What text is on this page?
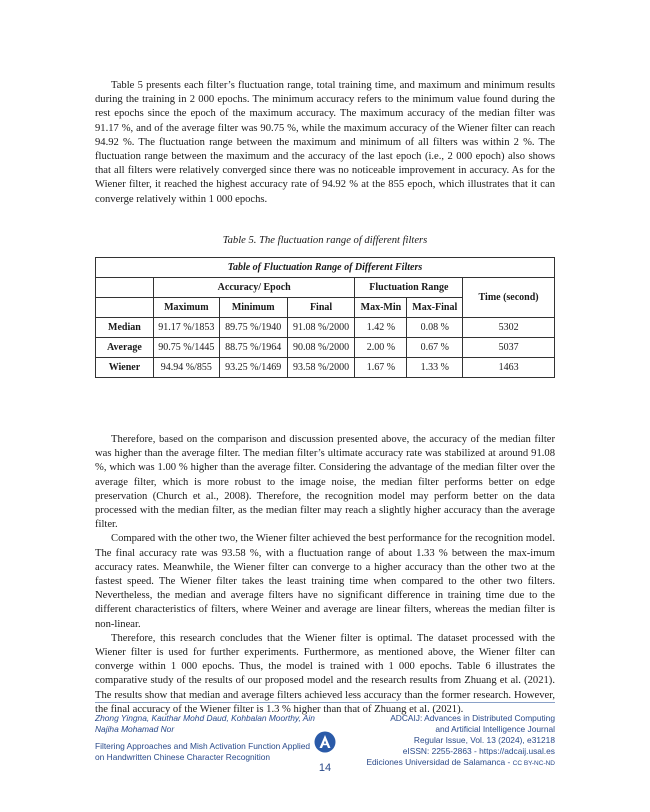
Table 5 presents each filter’s fluctuation range, total training time, and maximum and minimum results during the training in 2 000 epochs. The minimum accuracy refers to the minimum value found during the rest epochs since the epoch of the maximum accuracy. The maximum accuracy of the median filter was 91.17 %, and of the average filter was 90.75 %, while the maximum accuracy of the Wiener filter can reach 94.92 %. The fluctuation range between the maximum and minimum of all filters was within 2 %. The fluctuation range between the maximum and the accuracy of the last epoch (i.e., 2 000 epoch) also shows that all filters were relatively converged since there was no noticeable improvement in accuracy. As for the Wiener filter, it reached the highest accuracy rate of 94.92 % at the 855 epoch, which illustrates that it can converge relatively within 1 000 epochs.

Table 5. The fluctuation range of different filters
Table of Fluctuation Range of Different Filters						
	Accuracy/ Epoch			Fluctuation Range		Time (second)
	Maximum	Minimum	Final	Max-Min	Max-Final	
Median	91.17 %/1853	89.75 %/1940	91.08 %/2000	1.42 %	0.08 %	5302
Average	90.75 %/1445	88.75 %/1964	90.08 %/2000	2.00 %	0.67 %	5037
Wiener	94.94 %/855	93.25 %/1469	93.58 %/2000	1.67 %	1.33 %	1463

Therefore, based on the comparison and discussion presented above, the accuracy of the median filter was higher than the average filter. The median filter’s ultimate accuracy rate was stabilized at around 91.08 %, which was 1.00 % higher than the average filter. Considering the advantage of the median filter over the average filter, which is more robust to the image noise, the median filter performs better on edge preservation (Church et al., 2008). Therefore, the recognition model may perform better on the data processed with the median filter, as the median filter may reach a slightly higher accuracy than the average filter.

Compared with the other two, the Wiener filter achieved the best performance for the recognition model. The final accuracy rate was 93.58 %, with a fluctuation range of about 1.33 % between the max-imum accuracy rates. Meanwhile, the Wiener filter can converge to a higher accuracy than the other two at the fastest speed. The Wiener filter takes the least training time when compared to the other two filters. Nevertheless, the median and average filters have no significant difference in training time due to the different characteristics of filters, where Weiner and average are linear filters, whereas the median filter is non-linear.

Therefore, this research concludes that the Wiener filter is optimal. The dataset processed with the Wiener filter is used for further experiments. Furthermore, as mentioned above, the Wiener filter can converge within 1 000 epochs. Thus, the model is trained with 1 000 epochs. Table 6 illustrates the comparative study of the results of our proposed model and the research results from Zhuang et al. (2021). The results show that median and average filters achieved less accuracy than the former research. However, the final accuracy of the Wiener filter is 1.3 % higher than that of Zhuang et al. (2021).

Zhong Yingna, Kauthar Mohd Daud, Kohbalan Moorthy, Ain Najiha Mohamad Nor
Filtering Approaches and Mish Activation Function Applied on Handwritten Chinese Character Recognition
ADCAIJ: Advances in Distributed Computing
and Artificial Intelligence Journal
Regular Issue, Vol. 13 (2024), e31218
eISSN: 2255-2863 - https://adcaij.usal.es
Ediciones Universidad de Salamanca - CC BY-NC-ND
14
